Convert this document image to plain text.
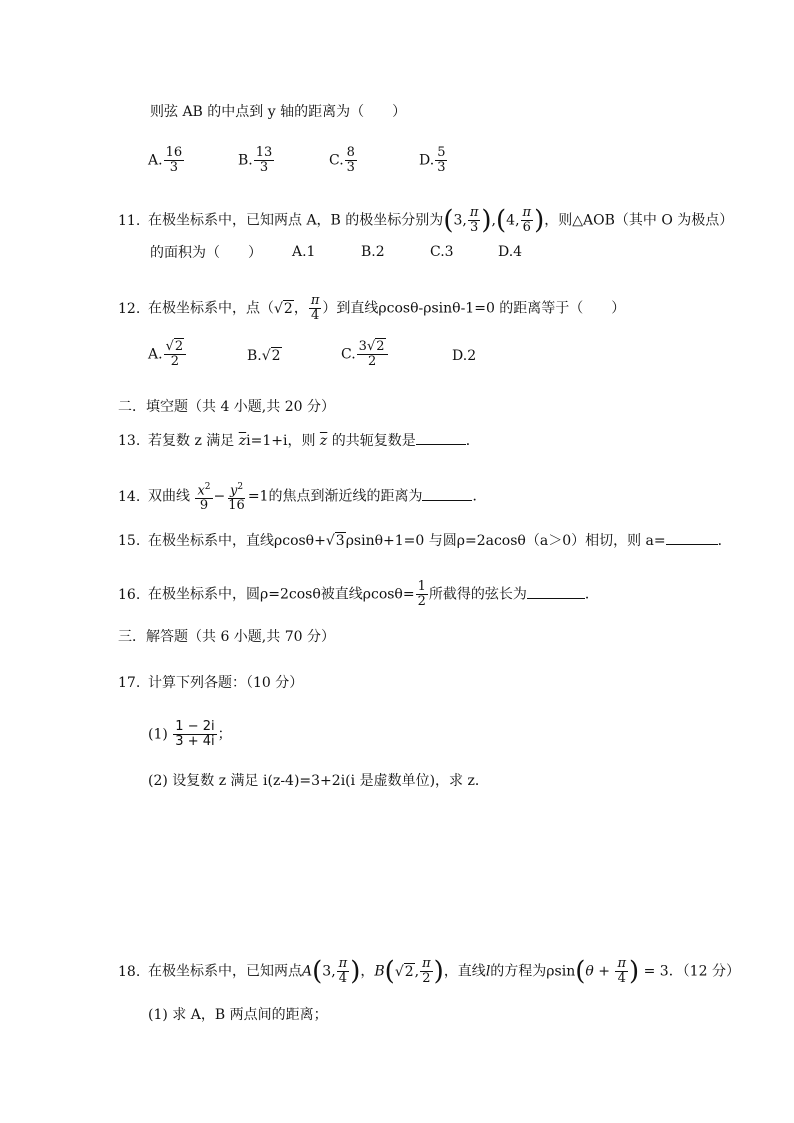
则弦 AB 的中点到 y 轴的距离为（　　）
A. $\frac{16}{3}$	B. $\frac{13}{3}$	C. $\frac{8}{3}$	D. $\frac{5}{3}$
11. 在极坐标系中，已知两点 A，B 的极坐标分别为(3, $\frac{\pi}{3} ),(4$, $\frac{\pi}{6}$ )，则△AOB（其中 O 为极点）
的面积为（　　） A.1	B.2	C.3	D.4
12. 在极坐标系中，点（√2， $\frac{\pi}{4}$ ）到直线ρcosθ-ρsinθ-1=0 的距离等于（　　）
A. $\frac{√2}{2}$	B.√2	C. $\frac{3√2}{2}$	D.2
二．填空题（共 4 小题,共 20 分）
13. 若复数 z 满足 $\overline{z}i=1+i$，则 $\overline{z}$ 的共轭复数是	．
14. 双曲线 $\frac{x^2}{9} - \frac{y^2}{16} =1$的焦点到渐近线的距离为	．
15. 在极坐标系中，直线ρcosθ+√3ρsinθ+1=0 与圆ρ=2acosθ（a＞0）相切，则 a=	．
16. 在极坐标系中，圆ρ=2cosθ被直线$\rho\cos\theta= \frac{1}{2}$ 所截得的弦长为	．
三．解答题（共 6 小题,共 70 分）
17. 计算下列各题：（10 分）
$(1) \frac{1 - 2i}{3 + 4i}$ ；
(2) 设复数 z 满足 i(z-4)=3+2i(i 是虚数单位)，求 z．
18. 在极坐标系中，已知两点A(3, $\frac{\pi}{4}$ )，B(√2, $\frac{\pi}{2}$ )，直线l的方程为$\rho\sin(\theta + \frac{\pi}{4}$ ) = 3．（12 分）
(1) 求 A，B 两点间的距离；
